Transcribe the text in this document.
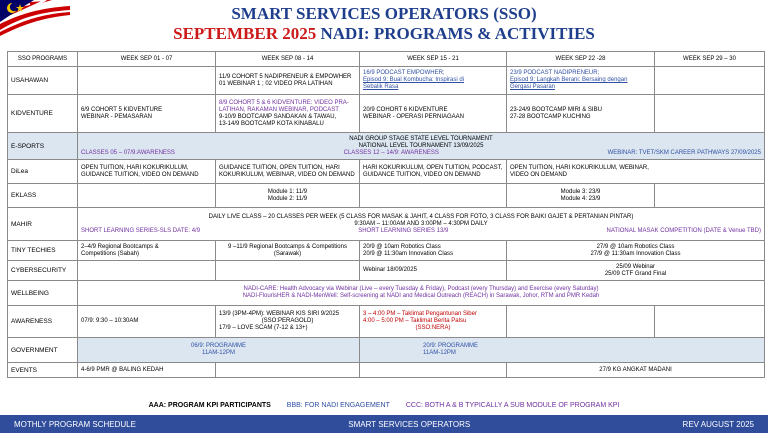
SMART SERVICES OPERATORS (SSO)
SEPTEMBER 2025 NADI: PROGRAMS & ACTIVITIES
SSO PROGRAMS	WEEK SEP 01 - 07	WEEK SEP 08 - 14	WEEK SEP 15 - 21	WEEK SEP 22 -28	WEEK SEP 29 – 30
USAHAWAN		11/9 COHORT 5 NADIPRENEUR & EMPOWHER
01 WEBINAR 1 ; 02 VIDEO PRA LATIHAN	16/9 PODCAST EMPOWHER;
Episod 9: Bual Kombucha: Inspirasi di
Sebalik Rasa	23/9 PODCAST NADIPRENEUR;
Episod 9: Langkah Berani: Bersaing dengan
Gergasi Pasaran	

KIDVENTURE	6/9 COHORT 5 KIDVENTURE
WEBINAR - PEMASARAN	8/9 COHORT 5 & 6 KIDVENTURE: VIDEO PRA-
LATIHAN, RAKAMAN WEBINAR, PODCAST
9-10/9 BOOTCAMP SANDAKAN & TAWAU,
13-14/9 BOOTCAMP KOTA KINABALU	20/9 COHORT 6 KIDVENTURE
WEBINAR - OPERASI PERNIAGAAN	23-24/9 BOOTCAMP MIRI & SIBU
27-28 BOOTCAMP KUCHING	

E-SPORTS	NADI GROUP STAGE STATE LEVEL TOURNAMENT
NATIONAL LEVEL TOURNAMENT 13/09/2025
CLASSES 05 – 07/9:AWARENESS CLASSES 12 – 14/9: AWARENESS WEBINAR: TVET/SKM CAREER PATHWAYS 27/09/2025				

DiLea	OPEN TUITION, HARI KOKURIKULUM,
GUIDANCE TUITION, VIDEO ON DEMAND	GUIDANCE TUITION, OPEN TUITION, HARI
KOKURIKULUM, WEBINAR, VIDEO ON DEMAND	HARI KOKURIKULUM, OPEN TUITION, PODCAST,
GUIDANCE TUITION, VIDEO ON DEMAND	OPEN TUITION, HARI KOKURIKULUM, WEBINAR,
VIDEO ON DEMAND	

EKLASS		Module 1: 11/9
Module 2: 11/9		Module 3: 23/9
Module 4: 23/9	

MAHIR	DAILY LIVE CLASS – 20 CLASSES PER WEEK (5 CLASS FOR MASAK & JAHIT, 4 CLASS FOR FOTO, 3 CLASS FOR BAIKI GAJET & PERTANIAN PINTAR)
9:30AM – 11:00AM AND 3:00PM – 4:30PM DAILY
SHORT LEARNING SERIES-SLS DATE: 4/9 SHORT LEARNING SERIES 13/9 NATIONAL MASAK COMPETITION (DATE & Venue TBD)				

TINY TECHIES	2–4/9 Regional Bootcamps &
Competitions (Sabah)	9 –11/9 Regional Bootcamps & Competitions
(Sarawak)	20/9 @ 10am Robotics Class
20/9 @ 11:30am Innovation Class	27/9 @ 10am Robotics Class
27/9 @ 11:30am Innovation Class	

CYBERSECURITY			Webinar 18/09/2025	25/09 Webinar
25/09 CTF Grand Final	

WELLBEING	NADI-CARE: Health Advocacy via Webinar (Live – every Tuesday & Friday), Podcast (every Thursday) and Exercise (every Saturday)
NADI-FlourisHER & NADI-MenWell: Self-screening at NADI and Medical Outreach (REACH) in Sarawak, Johor, RTM and PMR Kedah				

AWARENESS	07/9: 9:30 – 10:30AM	13/9 (3PM-4PM): WEBINAR KIS SIRI 9/2025
(SSO:PERAGOLD)
17/9 – LOVE SCAM (7-12 & 13+)	3 – 4:00 PM – Taklimat Pengantunan Siber
4:00 – 5:00 PM – Taklimat Berita Palsu
(SSO:NERA)		

GOVERNMENT	06/9: PROGRAMME
11AM-12PM		20/9: PROGRAMME
11AM-12PM		

EVENTS	4-6/9 PMR @ BALING KEDAH			27/9 KG ANGKAT MADANI	
AAA: PROGRAM KPI PARTICIPANTS BBB: FOR NADI ENGAGEMENT CCC: BOTH A & B TYPICALLY A SUB MODULE OF PROGRAM KPI
MOTHLY PROGRAM SCHEDULE	SMART SERVICES OPERATORS	REV AUGUST 2025
